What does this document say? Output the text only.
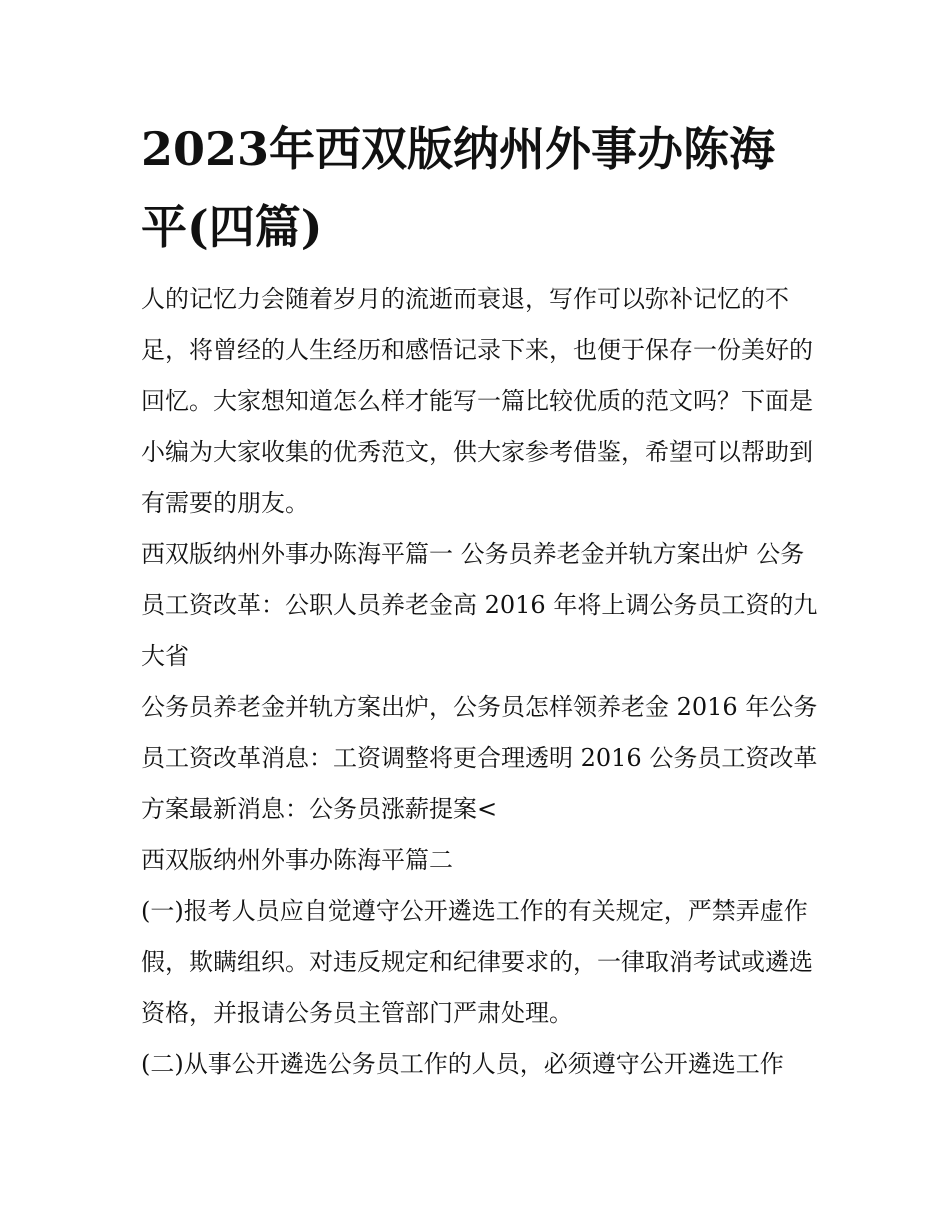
2023年西双版纳州外事办陈海平(四篇)

人的记忆力会随着岁月的流逝而衰退，写作可以弥补记忆的不足，将曾经的人生经历和感悟记录下来，也便于保存一份美好的回忆。大家想知道怎么样才能写一篇比较优质的范文吗？下面是小编为大家收集的优秀范文，供大家参考借鉴，希望可以帮助到有需要的朋友。

西双版纳州外事办陈海平篇一 公务员养老金并轨方案出炉 公务员工资改革：公职人员养老金高 2016 年将上调公务员工资的九大省

公务员养老金并轨方案出炉，公务员怎样领养老金 2016 年公务员工资改革消息：工资调整将更合理透明 2016 公务员工资改革方案最新消息：公务员涨薪提案<

西双版纳州外事办陈海平篇二

(一)报考人员应自觉遵守公开遴选工作的有关规定，严禁弄虚作假，欺瞒组织。对违反规定和纪律要求的，一律取消考试或遴选资格，并报请公务员主管部门严肃处理。

(二)从事公开遴选公务员工作的人员，必须遵守公开遴选工作
